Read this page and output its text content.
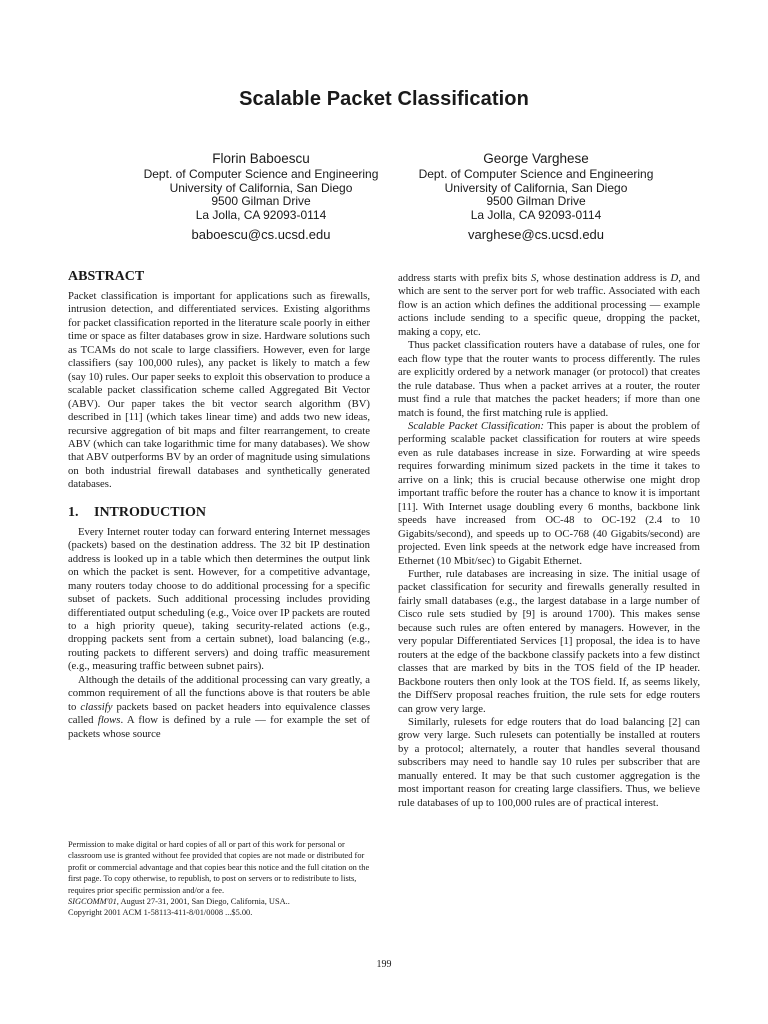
Scalable Packet Classification
Florin Baboescu
Dept. of Computer Science and Engineering
University of California, San Diego
9500 Gilman Drive
La Jolla, CA 92093-0114
baboescu@cs.ucsd.edu
George Varghese
Dept. of Computer Science and Engineering
University of California, San Diego
9500 Gilman Drive
La Jolla, CA 92093-0114
varghese@cs.ucsd.edu
ABSTRACT

Packet classification is important for applications such as firewalls, intrusion detection, and differentiated services. Existing algorithms for packet classification reported in the literature scale poorly in either time or space as filter databases grow in size. Hardware solutions such as TCAMs do not scale to large classifiers. However, even for large classifiers (say 100,000 rules), any packet is likely to match a few (say 10) rules. Our paper seeks to exploit this observation to produce a scalable packet classification scheme called Aggregated Bit Vector (ABV). Our paper takes the bit vector search algorithm (BV) described in [11] (which takes linear time) and adds two new ideas, recursive aggregation of bit maps and filter rearrangement, to create ABV (which can take logarithmic time for many databases). We show that ABV outperforms BV by an order of magnitude using simulations on both industrial firewall databases and synthetically generated databases.

1. INTRODUCTION

Every Internet router today can forward entering Internet messages (packets) based on the destination address. The 32 bit IP destination address is looked up in a table which then determines the output link on which the packet is sent. However, for a competitive advantage, many routers today choose to do additional processing for a specific subset of packets. Such additional processing includes providing differentiated output scheduling (e.g., Voice over IP packets are routed to a high priority queue), taking security-related actions (e.g., dropping packets sent from a certain subnet), load balancing (e.g., routing packets to different servers) and doing traffic measurement (e.g., measuring traffic between subnet pairs).

Although the details of the additional processing can vary greatly, a common requirement of all the functions above is that routers be able to classify packets based on packet headers into equivalence classes called flows. A flow is defined by a rule — for example the set of packets whose source

Permission to make digital or hard copies of all or part of this work for personal or classroom use is granted without fee provided that copies are not made or distributed for profit or commercial advantage and that copies bear this notice and the full citation on the first page. To copy otherwise, to republish, to post on servers or to redistribute to lists, requires prior specific permission and/or a fee.

SIGCOMM'01, August 27-31, 2001, San Diego, California, USA..

Copyright 2001 ACM 1-58113-411-8/01/0008 ...$5.00.

address starts with prefix bits S, whose destination address is D, and which are sent to the server port for web traffic. Associated with each flow is an action which defines the additional processing — example actions include sending to a specific queue, dropping the packet, making a copy, etc.

Thus packet classification routers have a database of rules, one for each flow type that the router wants to process differently. The rules are explicitly ordered by a network manager (or protocol) that creates the rule database. Thus when a packet arrives at a router, the router must find a rule that matches the packet headers; if more than one match is found, the first matching rule is applied.

Scalable Packet Classification: This paper is about the problem of performing scalable packet classification for routers at wire speeds even as rule databases increase in size. Forwarding at wire speeds requires forwarding minimum sized packets in the time it takes to arrive on a link; this is crucial because otherwise one might drop important traffic before the router has a chance to know it is important [11]. With Internet usage doubling every 6 months, backbone link speeds have increased from OC-48 to OC-192 (2.4 to 10 Gigabits/second), and speeds up to OC-768 (40 Gigabits/second) are projected. Even link speeds at the network edge have increased from Ethernet (10 Mbit/sec) to Gigabit Ethernet.

Further, rule databases are increasing in size. The initial usage of packet classification for security and firewalls generally resulted in fairly small databases (e.g., the largest database in a large number of Cisco rule sets studied by [9] is around 1700). This makes sense because such rules are often entered by managers. However, in the very popular Differentiated Services [1] proposal, the idea is to have routers at the edge of the backbone classify packets into a few distinct classes that are marked by bits in the TOS field of the IP header. Backbone routers then only look at the TOS field. If, as seems likely, the DiffServ proposal reaches fruition, the rule sets for edge routers can grow very large.

Similarly, rulesets for edge routers that do load balancing [2] can grow very large. Such rulesets can potentially be installed at routers by a protocol; alternately, a router that handles several thousand subscribers may need to handle say 10 rules per subscriber that are manually entered. It may be that such customer aggregation is the most important reason for creating large classifiers. Thus, we believe rule databases of up to 100,000 rules are of practical interest.

199
